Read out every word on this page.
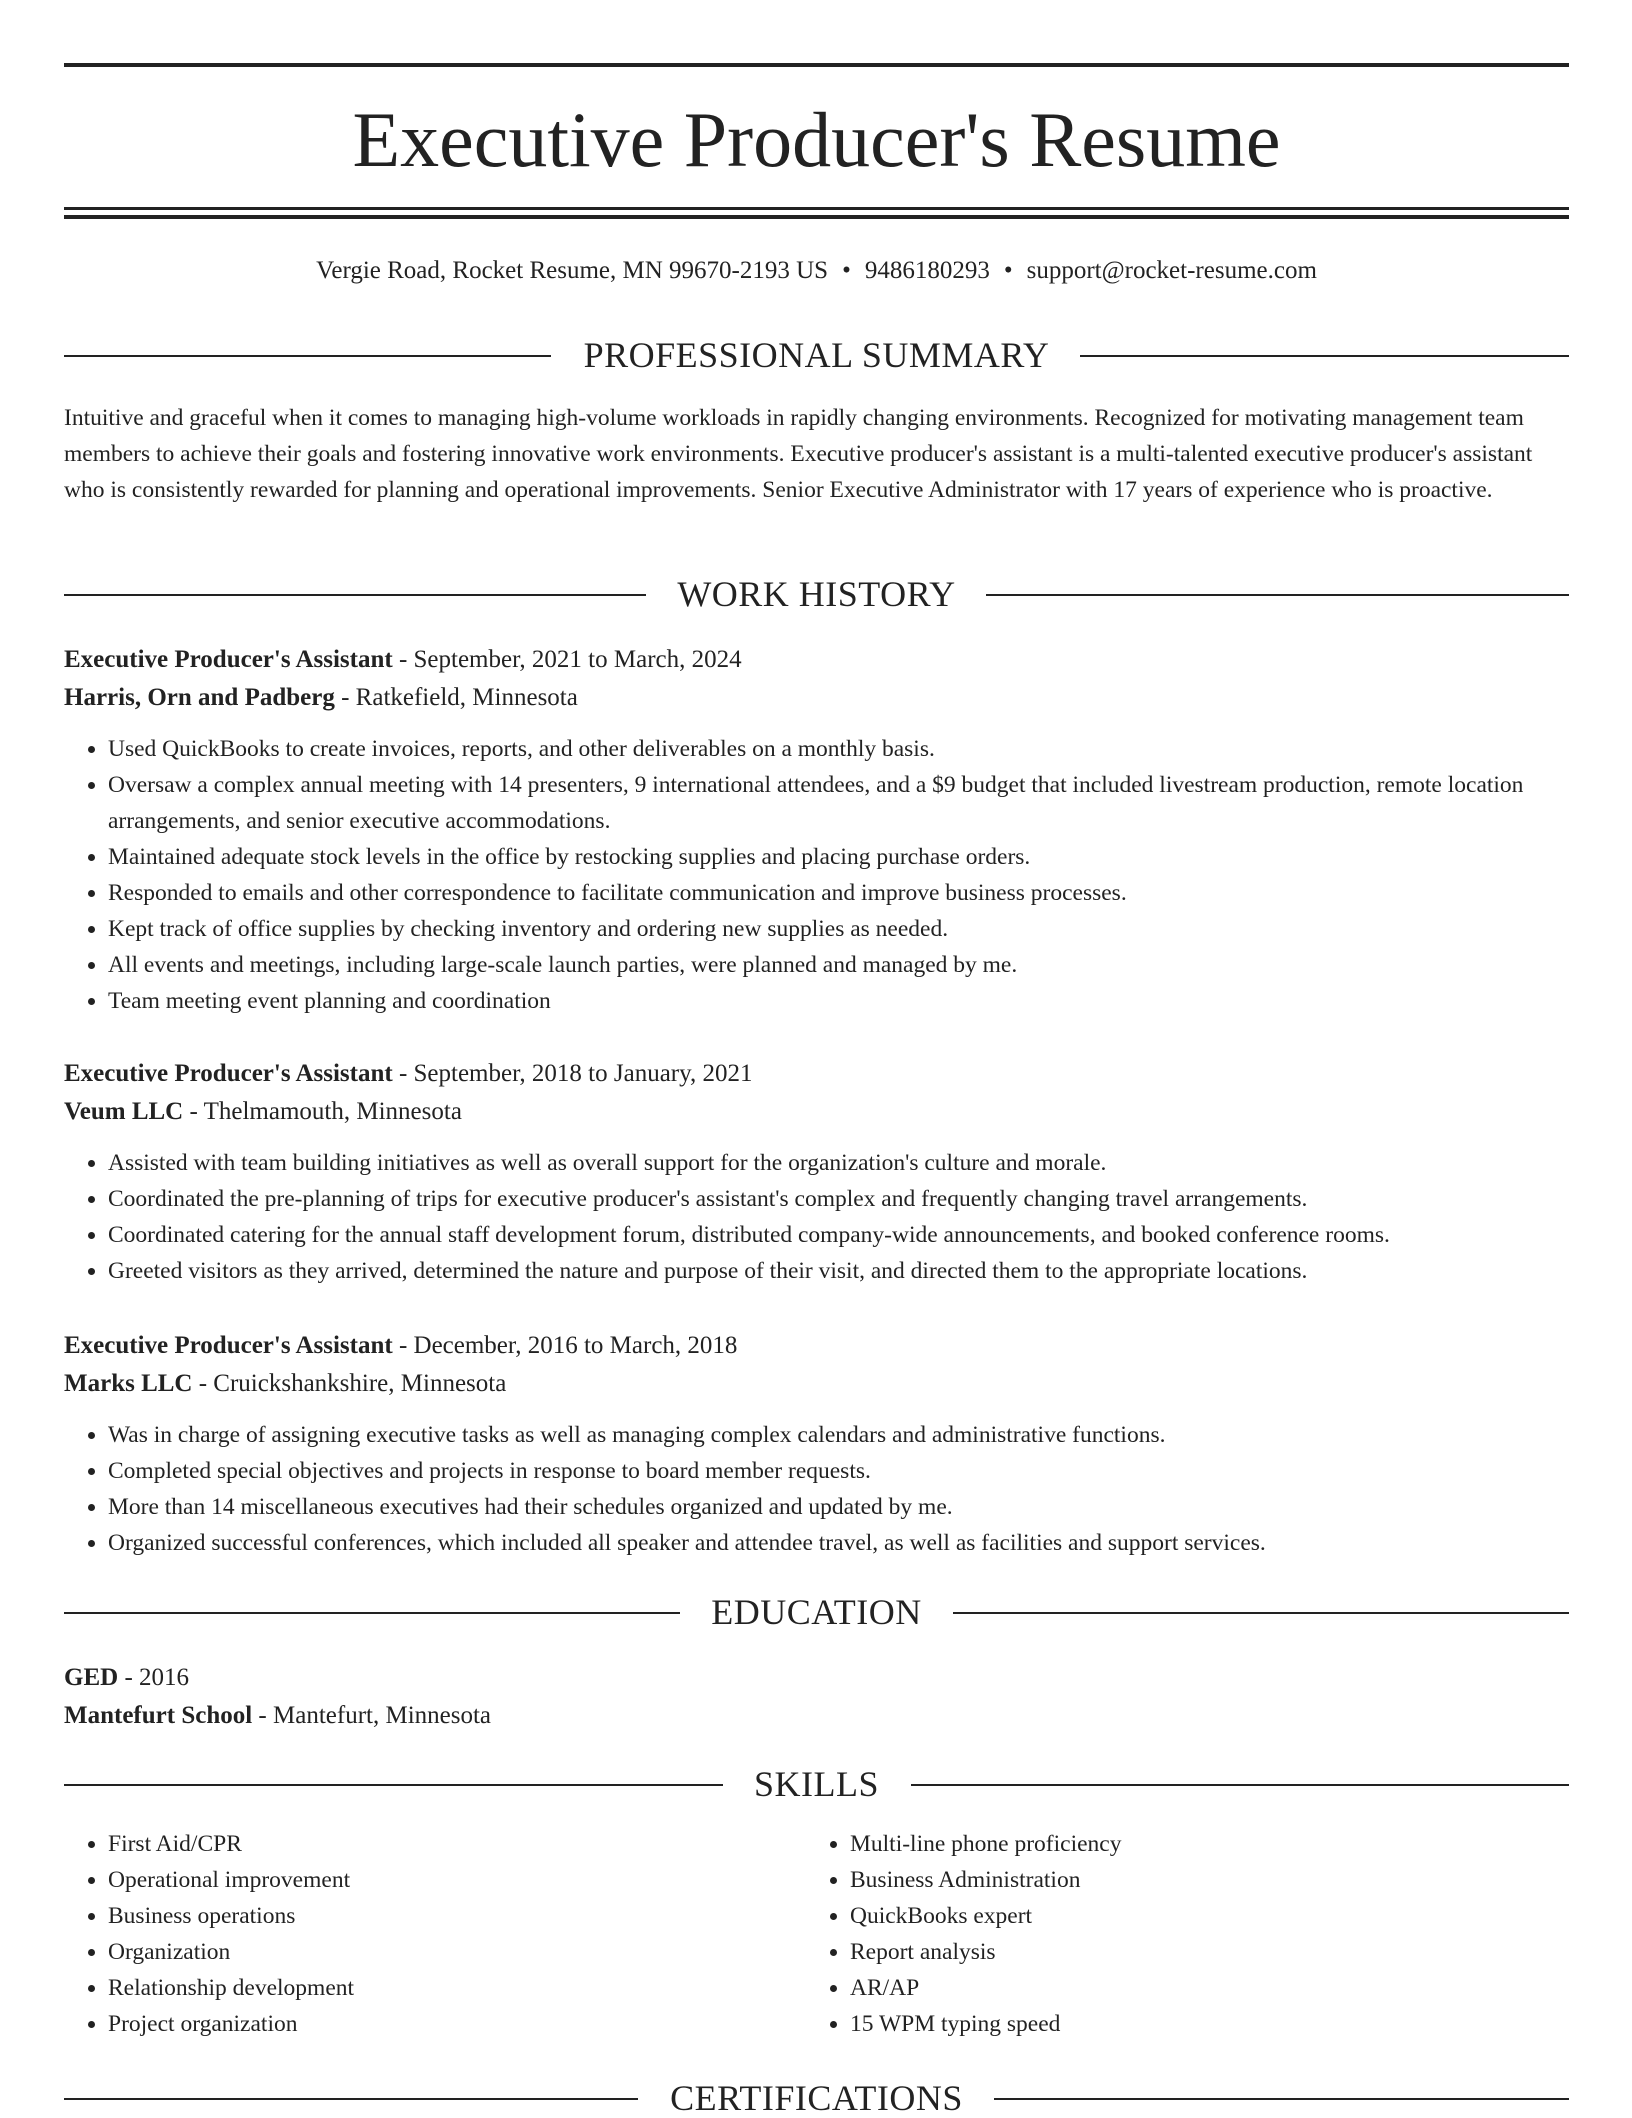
Executive Producer's Resume
Vergie Road, Rocket Resume, MN 99670-2193 US • 9486180293 • support@rocket-resume.com
PROFESSIONAL SUMMARY

Intuitive and graceful when it comes to managing high-volume workloads in rapidly changing environments. Recognized for motivating management team members to achieve their goals and fostering innovative work environments. Executive producer's assistant is a multi-talented executive producer's assistant who is consistently rewarded for planning and operational improvements. Senior Executive Administrator with 17 years of experience who is proactive.

WORK HISTORY
Executive Producer's Assistant - September, 2021 to March, 2024
Harris, Orn and Padberg - Ratkefield, Minnesota
• Used QuickBooks to create invoices, reports, and other deliverables on a monthly basis.
• Oversaw a complex annual meeting with 14 presenters, 9 international attendees, and a $9 budget that included livestream production, remote location arrangements, and senior executive accommodations.
• Maintained adequate stock levels in the office by restocking supplies and placing purchase orders.
• Responded to emails and other correspondence to facilitate communication and improve business processes.
• Kept track of office supplies by checking inventory and ordering new supplies as needed.
• All events and meetings, including large-scale launch parties, were planned and managed by me.
• Team meeting event planning and coordination
Executive Producer's Assistant - September, 2018 to January, 2021
Veum LLC - Thelmamouth, Minnesota
• Assisted with team building initiatives as well as overall support for the organization's culture and morale.
• Coordinated the pre-planning of trips for executive producer's assistant's complex and frequently changing travel arrangements.
• Coordinated catering for the annual staff development forum, distributed company-wide announcements, and booked conference rooms.
• Greeted visitors as they arrived, determined the nature and purpose of their visit, and directed them to the appropriate locations.
Executive Producer's Assistant - December, 2016 to March, 2018
Marks LLC - Cruickshankshire, Minnesota
• Was in charge of assigning executive tasks as well as managing complex calendars and administrative functions.
• Completed special objectives and projects in response to board member requests.
• More than 14 miscellaneous executives had their schedules organized and updated by me.
• Organized successful conferences, which included all speaker and attendee travel, as well as facilities and support services.
EDUCATION
GED - 2016
Mantefurt School - Mantefurt, Minnesota
SKILLS
• First Aid/CPR
• Operational improvement
• Business operations
• Organization
• Relationship development
• Project organization
• Multi-line phone proficiency
• Business Administration
• QuickBooks expert
• Report analysis
• AR/AP
• 15 WPM typing speed
CERTIFICATIONS
